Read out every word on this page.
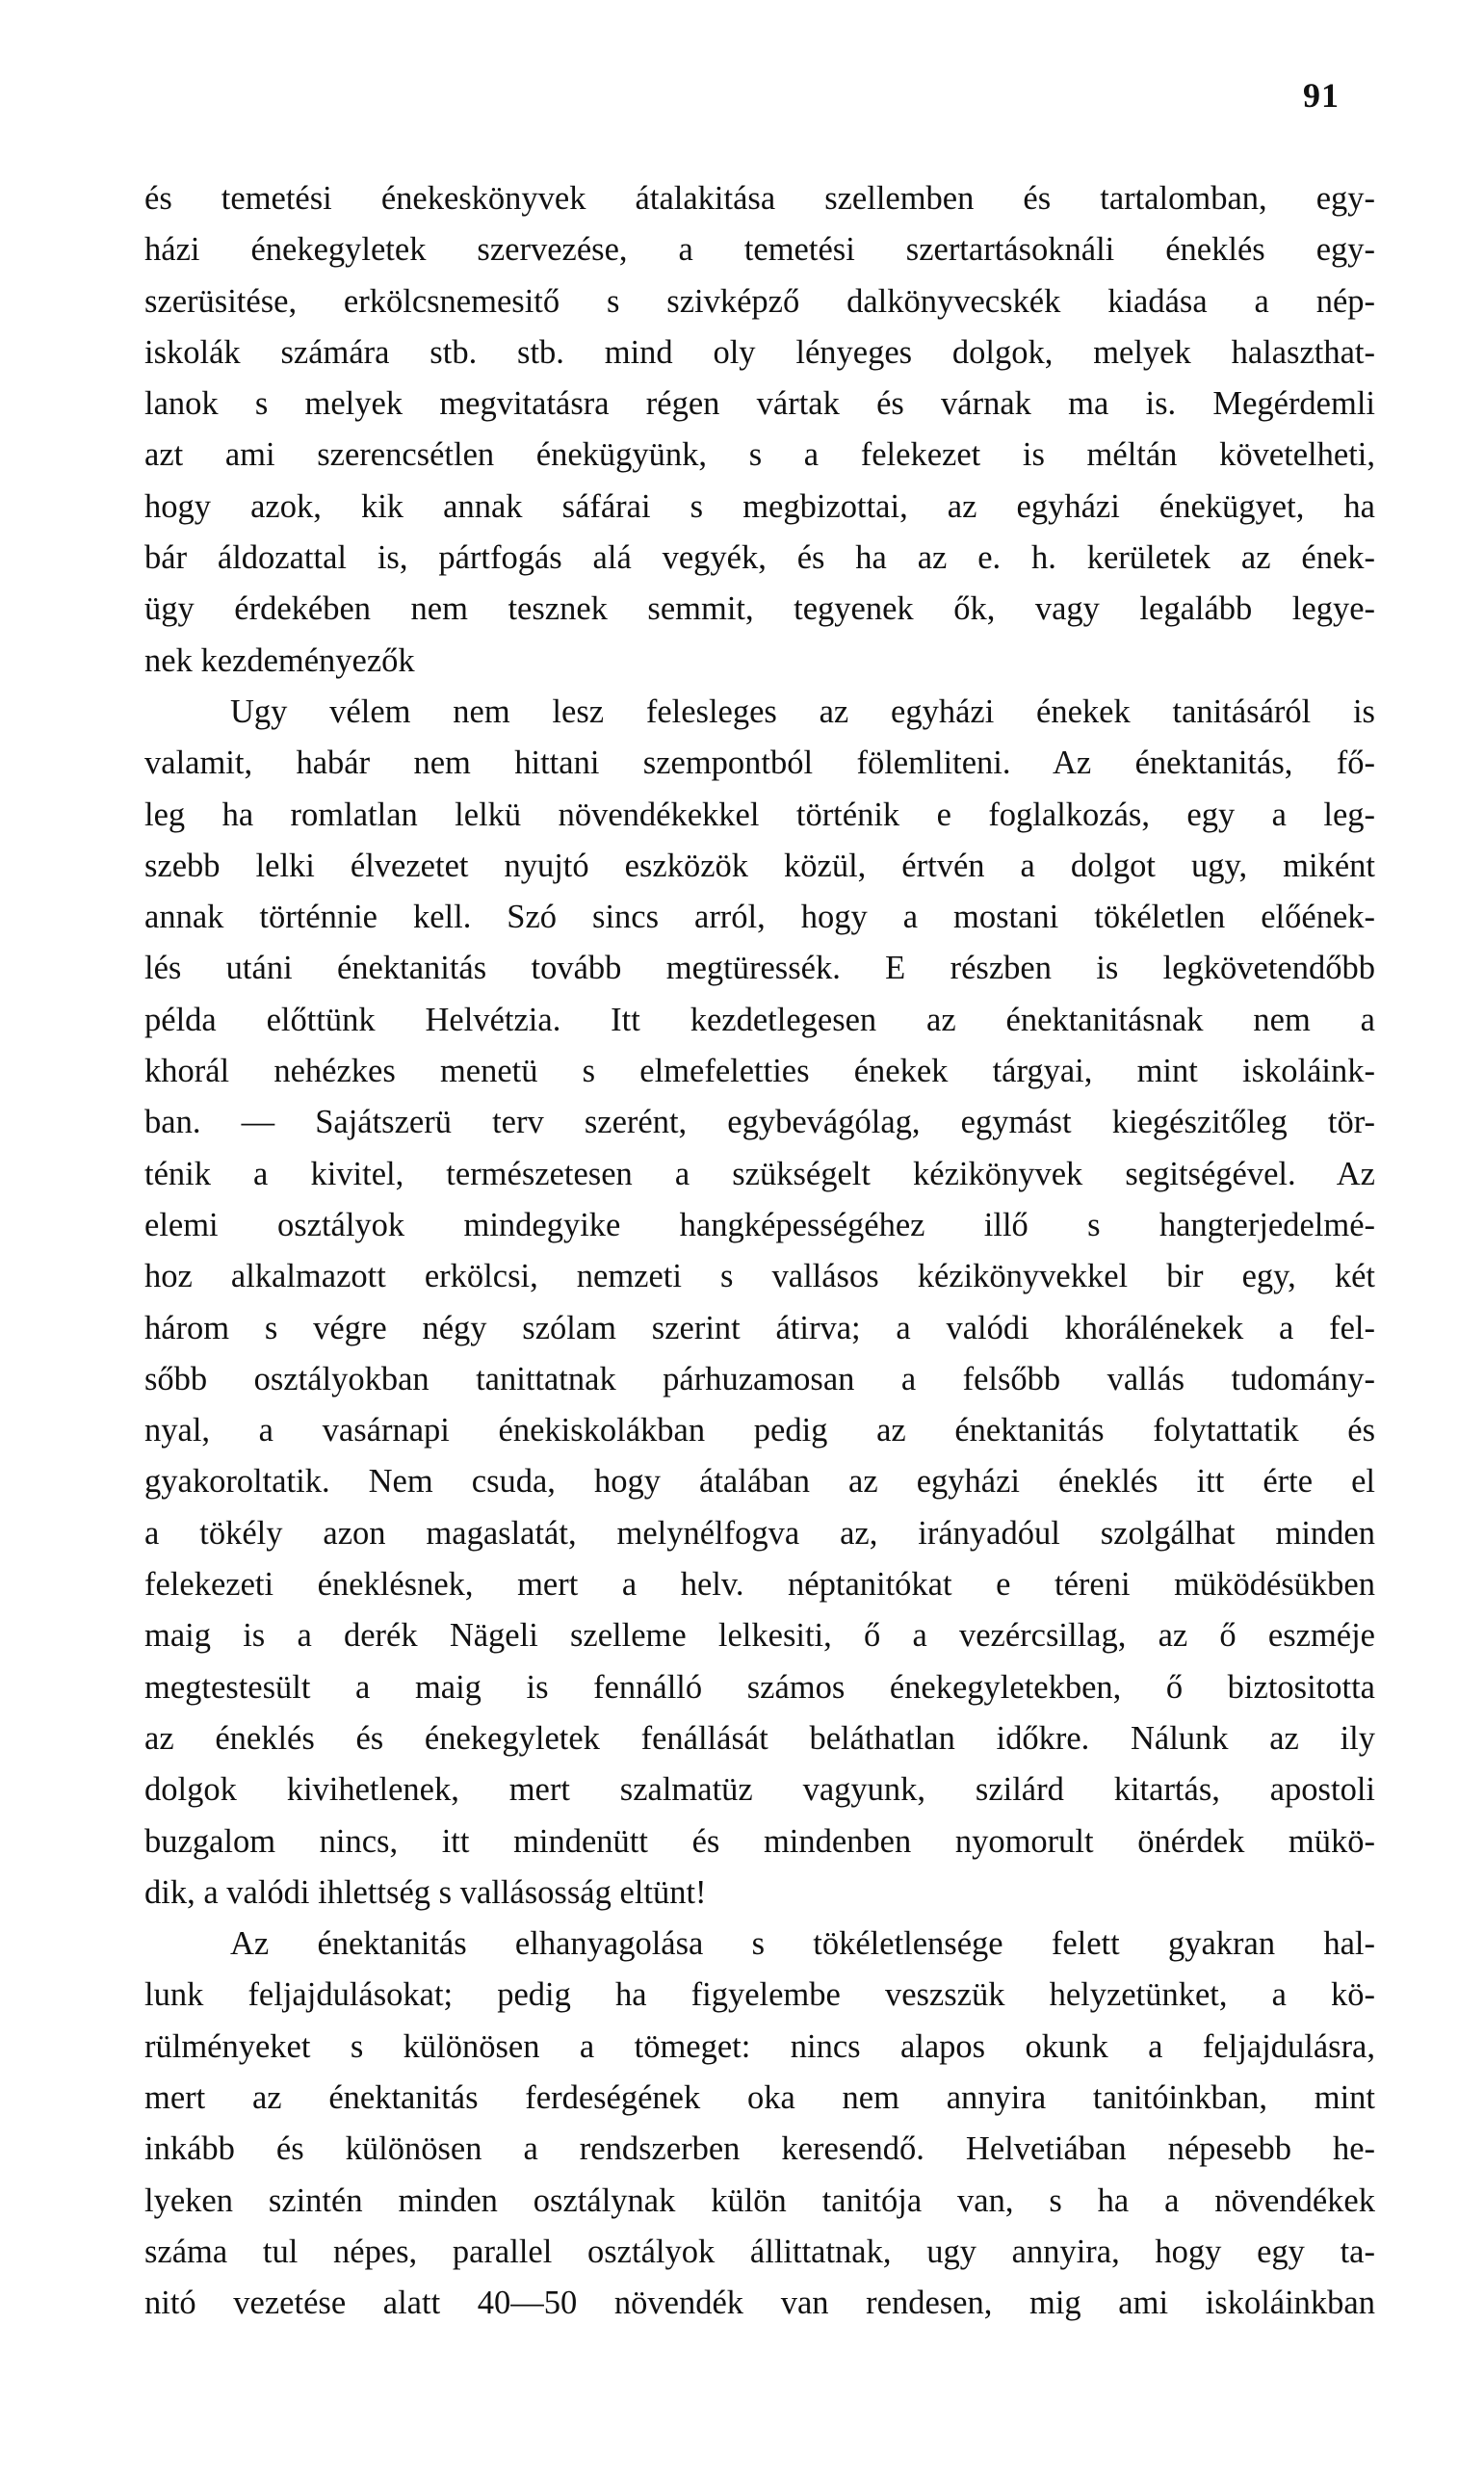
91
és temetési énekeskönyvek átalakitása szellemben és tartalomban, egy-
házi énekegyletek szervezése, a temetési szertartásoknáli éneklés egy-
szerüsitése, erkölcsnemesitő s szivképző dalkönyvecskék kiadása a nép-
iskolák számára stb. stb. mind oly lényeges dolgok, melyek halaszthat-
lanok s melyek megvitatásra régen vártak és várnak ma is. Megérdemli
azt ami szerencsétlen énekügyünk, s a felekezet is méltán követelheti,
hogy azok, kik annak sáfárai s megbizottai, az egyházi énekügyet, ha
bár áldozattal is, pártfogás alá vegyék, és ha az e. h. kerületek az ének-
ügy érdekében nem tesznek semmit, tegyenek ők, vagy legalább legye-
nek kezdeményezők
Ugy vélem nem lesz felesleges az egyházi énekek tanitásáról is
valamit, habár nem hittani szempontból fölemliteni. Az énektanitás, fő-
leg ha romlatlan lelkü növendékekkel történik e foglalkozás, egy a leg-
szebb lelki élvezetet nyujtó eszközök közül, értvén a dolgot ugy, miként
annak történnie kell. Szó sincs arról, hogy a mostani tökéletlen előének-
lés utáni énektanitás tovább megtüressék. E részben is legkövetendőbb
példa előttünk Helvétzia. Itt kezdetlegesen az énektanitásnak nem a
khorál nehézkes menetü s elmefeletties énekek tárgyai, mint iskoláink-
ban. — Sajátszerü terv szerént, egybevágólag, egymást kiegészitőleg tör-
ténik a kivitel, természetesen a szükségelt kézikönyvek segitségével. Az
elemi osztályok mindegyike hangképességéhez illő s hangterjedelmé-
hoz alkalmazott erkölcsi, nemzeti s vallásos kézikönyvekkel bir egy, két
három s végre négy szólam szerint átirva; a valódi khorálénekek a fel-
sőbb osztályokban tanittatnak párhuzamosan a felsőbb vallás tudomány-
nyal, a vasárnapi énekiskolákban pedig az énektanitás folytattatik és
gyakoroltatik. Nem csuda, hogy átalában az egyházi éneklés itt érte el
a tökély azon magaslatát, melynélfogva az, irányadóul szolgálhat minden
felekezeti éneklésnek, mert a helv. néptanitókat e téreni müködésükben
maig is a derék Nägeli szelleme lelkesiti, ő a vezércsillag, az ő eszméje
megtestesült a maig is fennálló számos énekegyletekben, ő biztositotta
az éneklés és énekegyletek fenállását beláthatlan időkre. Nálunk az ily
dolgok kivihetlenek, mert szalmatüz vagyunk, szilárd kitartás, apostoli
buzgalom nincs, itt mindenütt és mindenben nyomorult önérdek mükö-
dik, a valódi ihlettség s vallásosság eltünt!
Az énektanitás elhanyagolása s tökéletlensége felett gyakran hal-
lunk feljajdulásokat; pedig ha figyelembe veszszük helyzetünket, a kö-
rülményeket s különösen a tömeget: nincs alapos okunk a feljajdulásra,
mert az énektanitás ferdeségének oka nem annyira tanitóinkban, mint
inkább és különösen a rendszerben keresendő. Helvetiában népesebb he-
lyeken szintén minden osztálynak külön tanitója van, s ha a növendékek
száma tul népes, parallel osztályok állittatnak, ugy annyira, hogy egy ta-
nitó vezetése alatt 40—50 növendék van rendesen, mig ami iskoláinkban
